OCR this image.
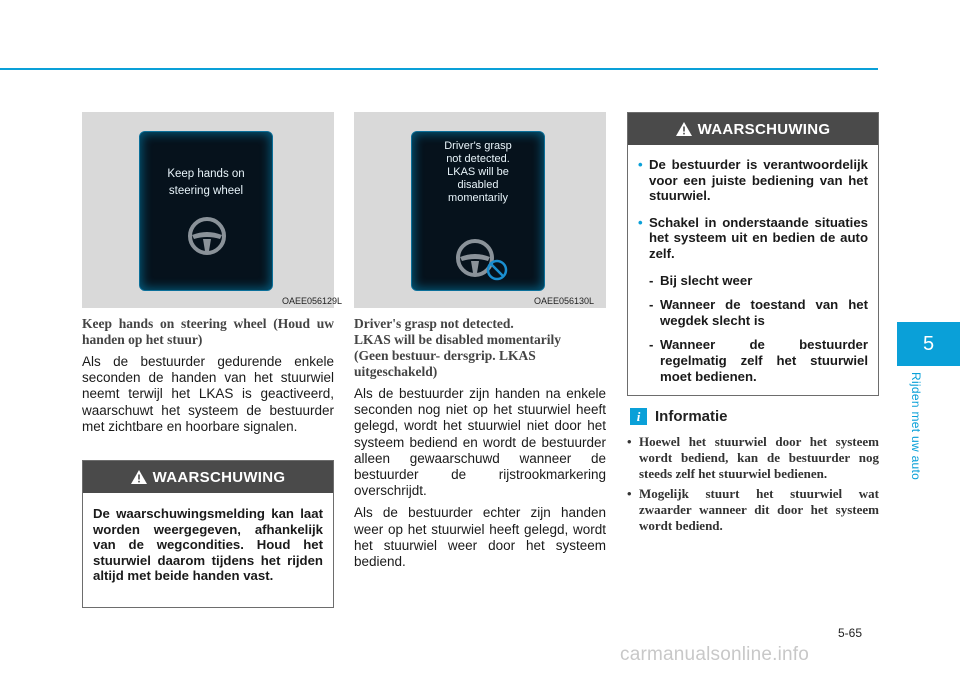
5
Rijden met uw auto
Keep hands on
steering wheel
OAEE056129L
Driver's grasp
not detected.
LKAS will be
disabled
momentarily
OAEE056130L
Keep hands on steering wheel (Houd uw handen op het stuur)
Als de bestuurder gedurende enkele seconden de handen van het stuurwiel neemt terwijl het LKAS is geactiveerd, waarschuwt het systeem de bestuurder met zichtbare en hoorbare signalen.
WAARSCHUWING
De waarschuwingsmelding kan laat worden weergegeven, afhankelijk van de wegcondities. Houd het stuurwiel daarom tijdens het rijden altijd met beide handen vast.
Driver's grasp not detected.
LKAS will be disabled momentarily
(Geen bestuur- dersgrip. LKAS uitgeschakeld)
Als de bestuurder zijn handen na enkele seconden nog niet op het stuurwiel heeft gelegd, wordt het stuurwiel niet door het systeem bediend en wordt de bestuurder alleen gewaarschuwd wanneer de bestuurder de rijstrookmarkering overschrijdt.
Als de bestuurder echter zijn handen weer op het stuurwiel heeft gelegd, wordt het stuurwiel weer door het systeem bediend.
WAARSCHUWING
• De bestuurder is verantwoordelijk voor een juiste bediening van het stuurwiel.
• Schakel in onderstaande situaties het systeem uit en bedien de auto zelf.
- Bij slecht weer
- Wanneer de toestand van het wegdek slecht is
- Wanneer de bestuurder regelmatig zelf het stuurwiel moet bedienen.
i Informatie
• Hoewel het stuurwiel door het systeem wordt bediend, kan de bestuurder nog steeds zelf het stuurwiel bedienen.
• Mogelijk stuurt het stuurwiel wat zwaarder wanneer dit door het systeem wordt bediend.
5-65
carmanualsonline.info
